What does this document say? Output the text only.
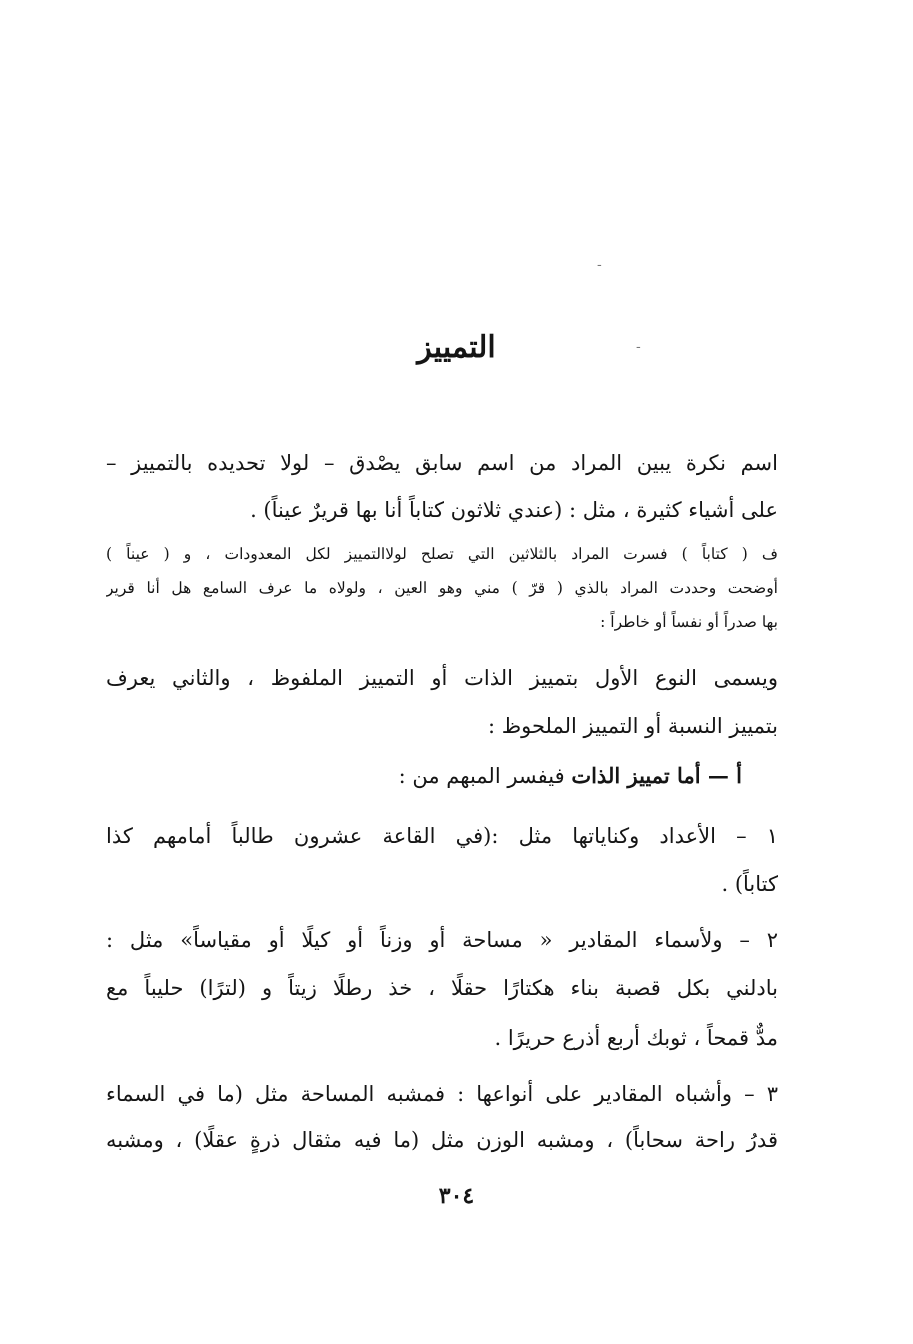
-
-
التمييز
اسم نكرة يبين المراد من اسم سابق يصْدق – لولا تحديده بالتمييز –
على أشياء كثيرة ، مثل : (عندي ثلاثون كتاباً أنا بها قريرٌ عيناً) .
ف ( كتاباً ) فسرت المراد بالثلاثين التي تصلح لولاالتمييز لكل المعدودات ، و ( عيناً )
أوضحت وحددت المراد بالذي ( قرّ ) مني وهو العين ، ولولاه ما عرف السامع هل أنا قرير
بها صدراً أو نفساً أو خاطراً :
ويسمى النوع الأول بتمييز الذات أو التمييز الملفوظ ، والثاني يعرف
بتمييز النسبة أو التمييز الملحوظ :
أ — أما تمييز الذات فيفسر المبهم من :
١ – الأعداد وكناياتها مثل :(في القاعة عشرون طالباً أمامهم كذا
كتاباً) .
٢ – ولأسماء المقادير « مساحة أو وزناً أو كيلًا أو مقياساً» مثل :
بادلني بكل قصبة بناء هكتارًا حقلًا ، خذ رطلًا زيتاً و (لترًا) حليباً مع
مدٌّ قمحاً ، ثوبك أربع أذرع حريرًا .
٣ – وأشباه المقادير على أنواعها : فمشبه المساحة مثل (ما في السماء
قدرُ راحة سحاباً) ، ومشبه الوزن مثل (ما فيه مثقال ذرةٍ عقلًا) ، ومشبه
٣٠٤
